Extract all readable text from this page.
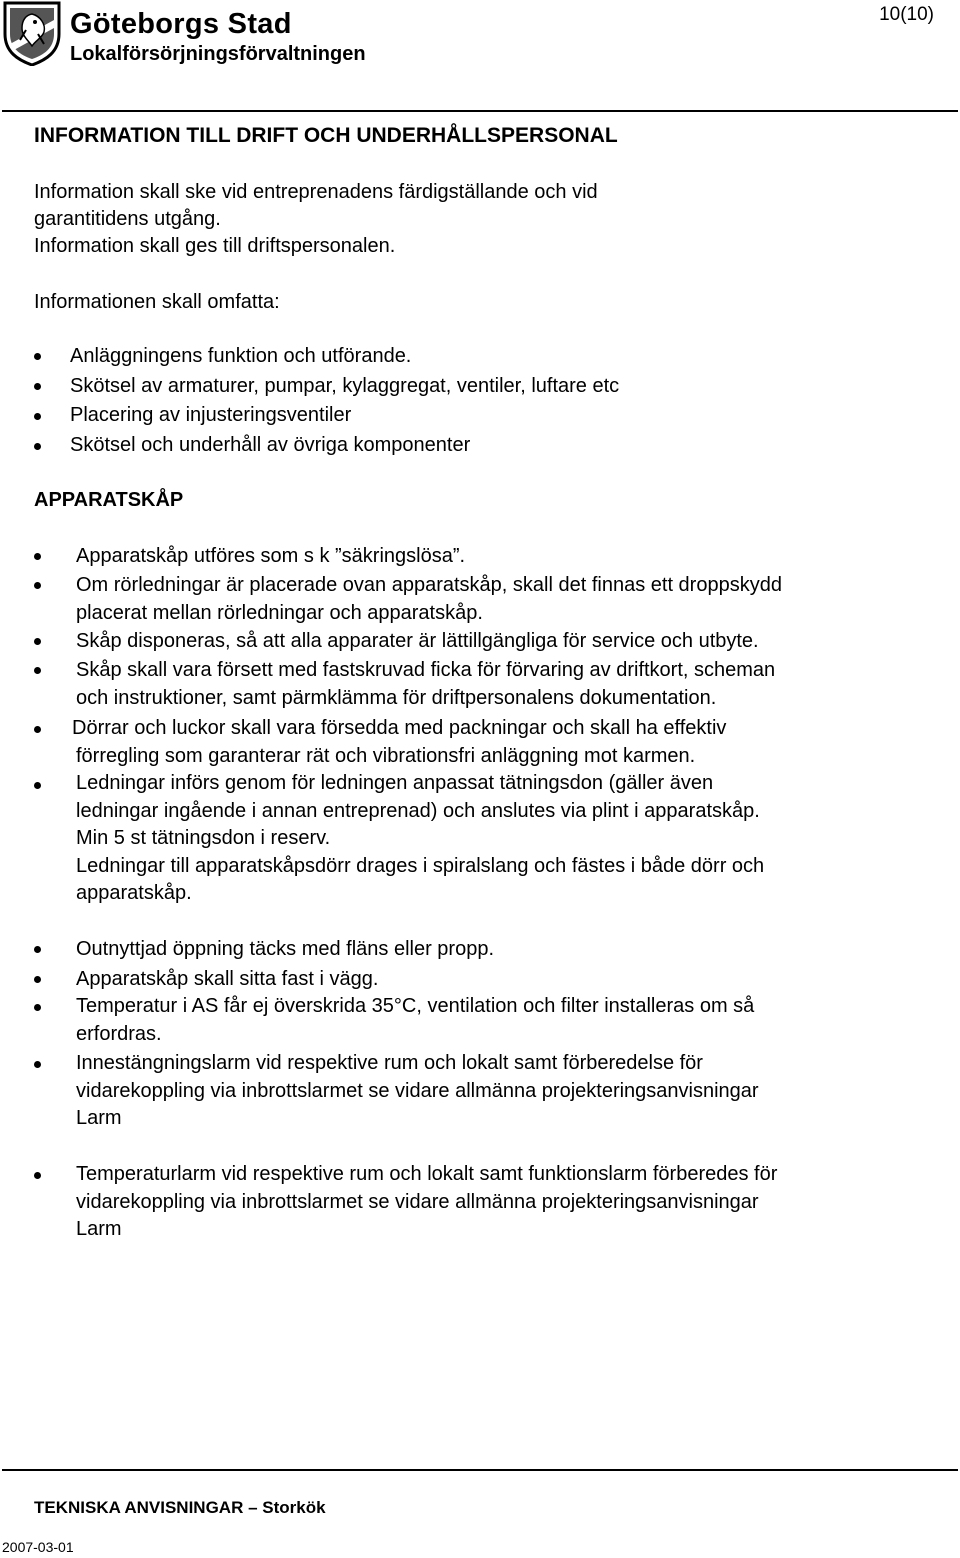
Göteborgs Stad
Lokalförsörjningsförvaltningen
10(10)
INFORMATION TILL DRIFT OCH UNDERHÅLLSPERSONAL
Information skall ske vid entreprenadens färdigställande och vid
garantitidens utgång.
Information skall ges till driftspersonalen.
Informationen skall omfatta:
Anläggningens funktion och utförande.
Skötsel av armaturer, pumpar, kylaggregat, ventiler, luftare etc
Placering av injusteringsventiler
Skötsel och underhåll av övriga komponenter
APPARATSKÅP
Apparatskåp utföres som s k ”säkringslösa”.
Om rörledningar är placerade ovan apparatskåp, skall det finnas ett droppskydd
placerat mellan rörledningar och apparatskåp.
Skåp disponeras, så att alla apparater är lättillgängliga för service och utbyte.
Skåp skall vara försett med fastskruvad ficka för förvaring av driftkort, scheman
och instruktioner, samt pärmklämma för driftpersonalens dokumentation.
Dörrar och luckor skall vara försedda med packningar och skall ha effektiv
förregling som garanterar rät och vibrationsfri anläggning mot karmen.
Ledningar införs genom för ledningen anpassat tätningsdon (gäller även
ledningar ingående i annan entreprenad) och anslutes via plint i apparatskåp.
Min 5 st tätningsdon i reserv.
Ledningar till apparatskåpsdörr drages i spiralslang och fästes i både dörr och
apparatskåp.
Outnyttjad öppning täcks med fläns eller propp.
Apparatskåp skall sitta fast i vägg.
Temperatur i AS får ej överskrida 35°C, ventilation och filter installeras om så
erfordras.
Innestängningslarm vid respektive rum och lokalt samt förberedelse för
vidarekoppling via inbrottslarmet se vidare allmänna projekteringsanvisningar
Larm
Temperaturlarm vid respektive rum och lokalt samt funktionslarm förberedes för
vidarekoppling via inbrottslarmet se vidare allmänna projekteringsanvisningar
Larm
TEKNISKA ANVISNINGAR – Storkök
2007-03-01
